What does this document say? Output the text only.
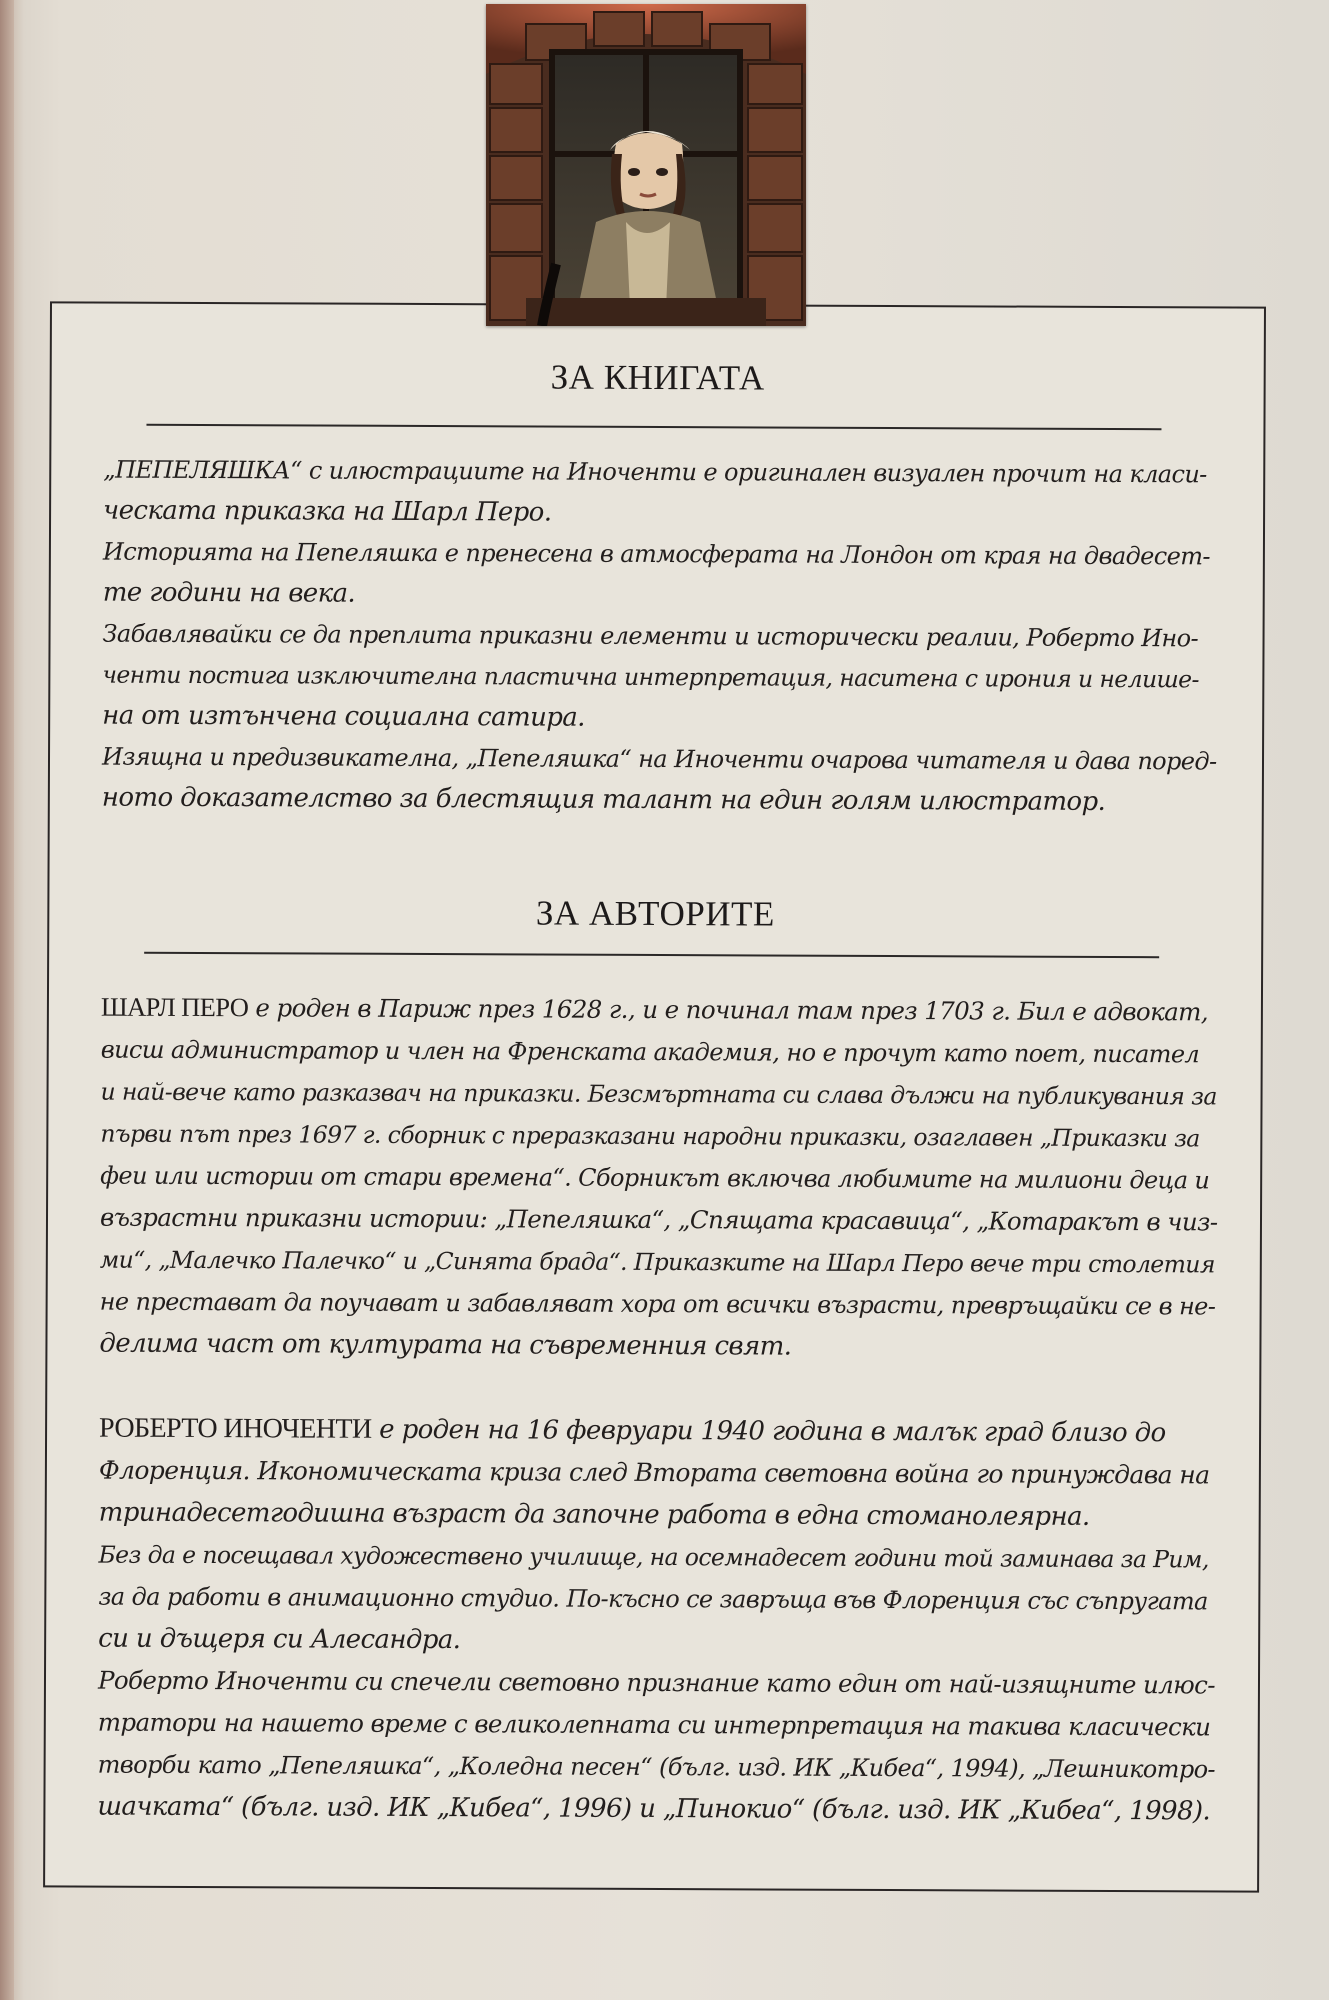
ЗА КНИГАТА
„ПЕПЕЛЯШКА“ с илюстрациите на Иноченти е оригинален визуален прочит на класи-
ческата приказка на Шарл Перо.
Историята на Пепеляшка е пренесена в атмосферата на Лондон от края на двадесет-
те години на века.
Забавлявайки се да преплита приказни елементи и исторически реалии, Роберто Ино-
ченти постига изключителна пластична интерпретация, наситена с ирония и нелише-
на от изтънчена социална сатира.
Изящна и предизвикателна, „Пепеляшка“ на Иноченти очарова читателя и дава поред-
ното доказателство за блестящия талант на един голям илюстратор.
ЗА АВТОРИТЕ
ШАРЛ ПЕРО е роден в Париж през 1628 г., и е починал там през 1703 г. Бил е адвокат,
висш администратор и член на Френската академия, но е прочут като поет, писател
и най-вече като разказвач на приказки. Безсмъртната си слава дължи на публикувания за
първи път през 1697 г. сборник с преразказани народни приказки, озаглавен „Приказки за
феи или истории от стари времена“. Сборникът включва любимите на милиони деца и
възрастни приказни истории: „Пепеляшка“, „Спящата красавица“, „Котаракът в чиз-
ми“, „Малечко Палечко“ и „Синята брада“. Приказките на Шарл Перо вече три столетия
не престават да поучават и забавляват хора от всички възрасти, превръщайки се в не-
делима част от културата на съвременния свят.
РОБЕРТО ИНОЧЕНТИ е роден на 16 февруари 1940 година в малък град близо до
Флоренция. Икономическата криза след Втората световна война го принуждава на
тринадесетгодишна възраст да започне работа в една стоманолеярна.
Без да е посещавал художествено училище, на осемнадесет години той заминава за Рим,
за да работи в анимационно студио. По-късно се завръща във Флоренция със съпругата
си и дъщеря си Алесандра.
Роберто Иноченти си спечели световно признание като един от най-изящните илюс-
тратори на нашето време с великолепната си интерпретация на такива класически
творби като „Пепеляшка“, „Коледна песен“ (бълг. изд. ИК „Кибеа“, 1994), „Лешникотро-
шачката“ (бълг. изд. ИК „Кибеа“, 1996) и „Пинокио“ (бълг. изд. ИК „Кибеа“, 1998).
